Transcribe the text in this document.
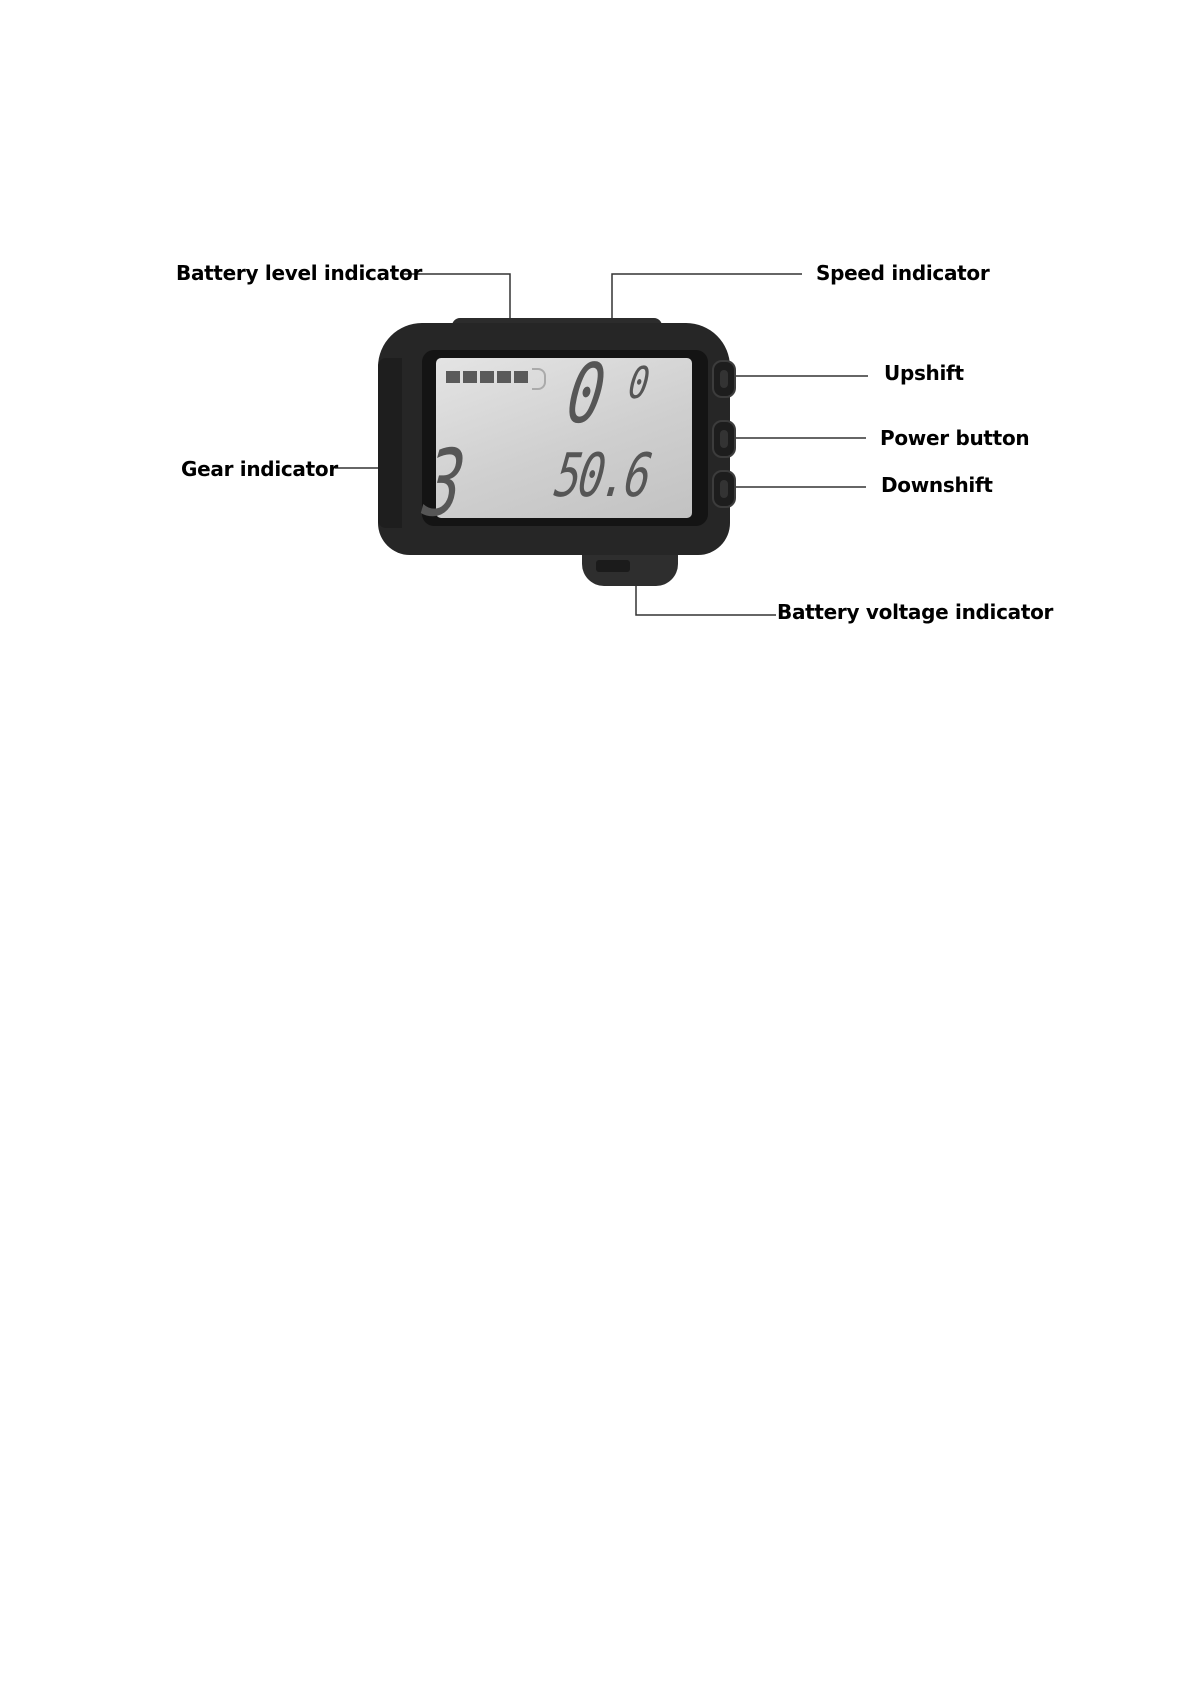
Battery level indicator	Speed indicator
Upshift
Power button
Gear indicator
Downshift
Battery voltage indicator
0 0
3 50.6
